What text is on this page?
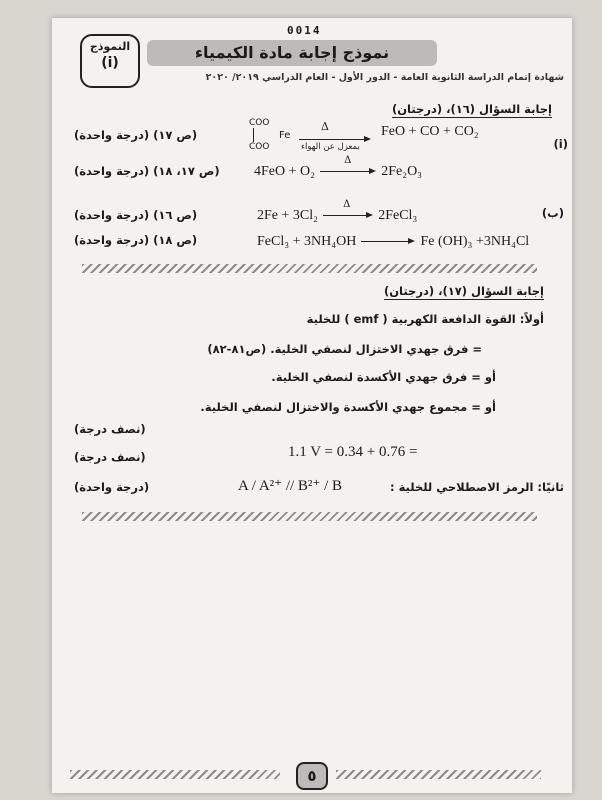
0014
نموذج إجابة مادة الكيمياء
النموذج
(i)
شهادة إتمام الدراسة الثانوية العامة - الدور الأول - العام الدراسي ٢٠١٩/ ٢٠٢٠
إجابة السؤال (١٦)، (درجتان)
(i)
COO
COO
Fe
Δ
بمعزل عن الهواء
FeO + CO + CO₂
(ص ١٧) (درجة واحدة)
4FeO + O₂
Δ
2Fe₂O₃
(ص ١٧، ١٨) (درجة واحدة)
(ب)
2Fe + 3Cl₂
Δ
2FeCl₃
(ص ١٦) (درجة واحدة)
FeCl₃ + 3NH₄OH	Fe (OH)₃ +3NH₄Cl
(ص ١٨) (درجة واحدة)
إجابة السؤال (١٧)، (درجتان)
أولاً: القوة الدافعة الكهربية ( emf ) للخلية
= فرق جهدي الاختزال لنصفي الخلية. (ص٨١-٨٢)
أو = فرق جهدي الأكسدة لنصفي الخلية.
أو = مجموع جهدي الأكسدة والاختزال لنصفي الخلية.
(نصف درجة)
1.1 V = 0.34 + 0.76 =
(نصف درجة)
ثانيًا: الرمز الاصطلاحي للخلية :
A / A²⁺ // B²⁺ / B
(درجة واحدة)
٥
